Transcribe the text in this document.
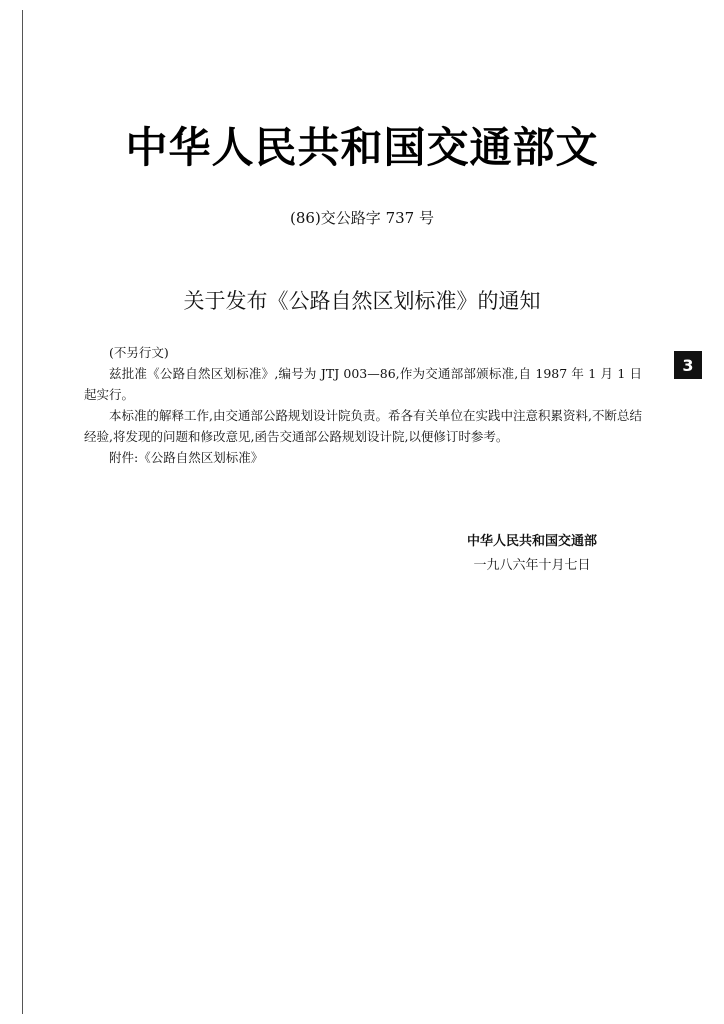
中华人民共和国交通部文
(86)交公路字 737 号
关于发布《公路自然区划标准》的通知

(不另行文)

兹批准《公路自然区划标准》,编号为 JTJ 003—86,作为交通部部颁标准,自 1987 年 1 月 1 日起实行。

本标准的解释工作,由交通部公路规划设计院负责。希各有关单位在实践中注意积累资料,不断总结经验,将发现的问题和修改意见,函告交通部公路规划设计院,以便修订时参考。

附件:《公路自然区划标准》

3
中华人民共和国交通部
一九八六年十月七日
